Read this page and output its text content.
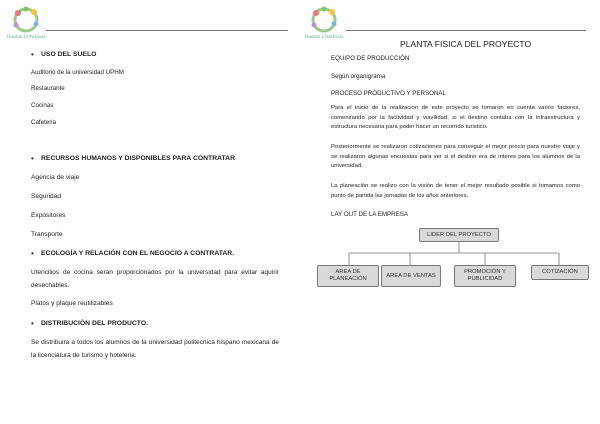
Gustas Creativas
• USO DEL SUELO
Auditorio de la universidad UPHM
Restaurante
Cocinas
Cafeteria
• RECURSOS HUMANOS Y DISPONIBLES PARA CONTRATAR
Agencia de viaje
Seguridad
Expositores
Transporte
• ECOLOGÍA Y RELACIÓN CON EL NEGOCIO A CONTRATAR.
Utencilios de cocina seran proporcionados por la universidad para evitar aquirir desechables.
Platos y plaque reutilizables
• DISTRIBUCIÓN DEL PRODUCTO.
Se distribuira a todos los alumnos de la universidad politecnica hispano mexicana de la licenciatura de turismo y hoteleria.
Gustas Creativas
PLANTA FISICA DEL PROYECTO
EQUIPO DE PRODUCCIÓN
Según organigrama
PROCESO PRODUCTIVO Y PERSONAL
Para el inicio de la realizacion de este proyecto se tomaron en cuenta varios factores, comenzando por la factividad y viavilidad, si el destino contaba con la infraestructura y estructura necesaria para poder hacer un recorrido turistico.
Posteriormente se realizaron cotizaciones para conseguir el mejor precio para nuestro viaje y se realizaron algunas encuestas para ver si el destino era de interes para los alumnos de la universidad.
La planeación se realizo con la visión de tener el mejor resultado posible si tomamos como punto de partida las jornadas de los años anteriores.
LAY OUT DE LA EMPRESA
LIDER DEL PROYECTO
AREA DE PLANEACIÓN
AREA DE VENTAS
PROMOCIÓN Y PUBLICIDAD
COTIZACIÓN
